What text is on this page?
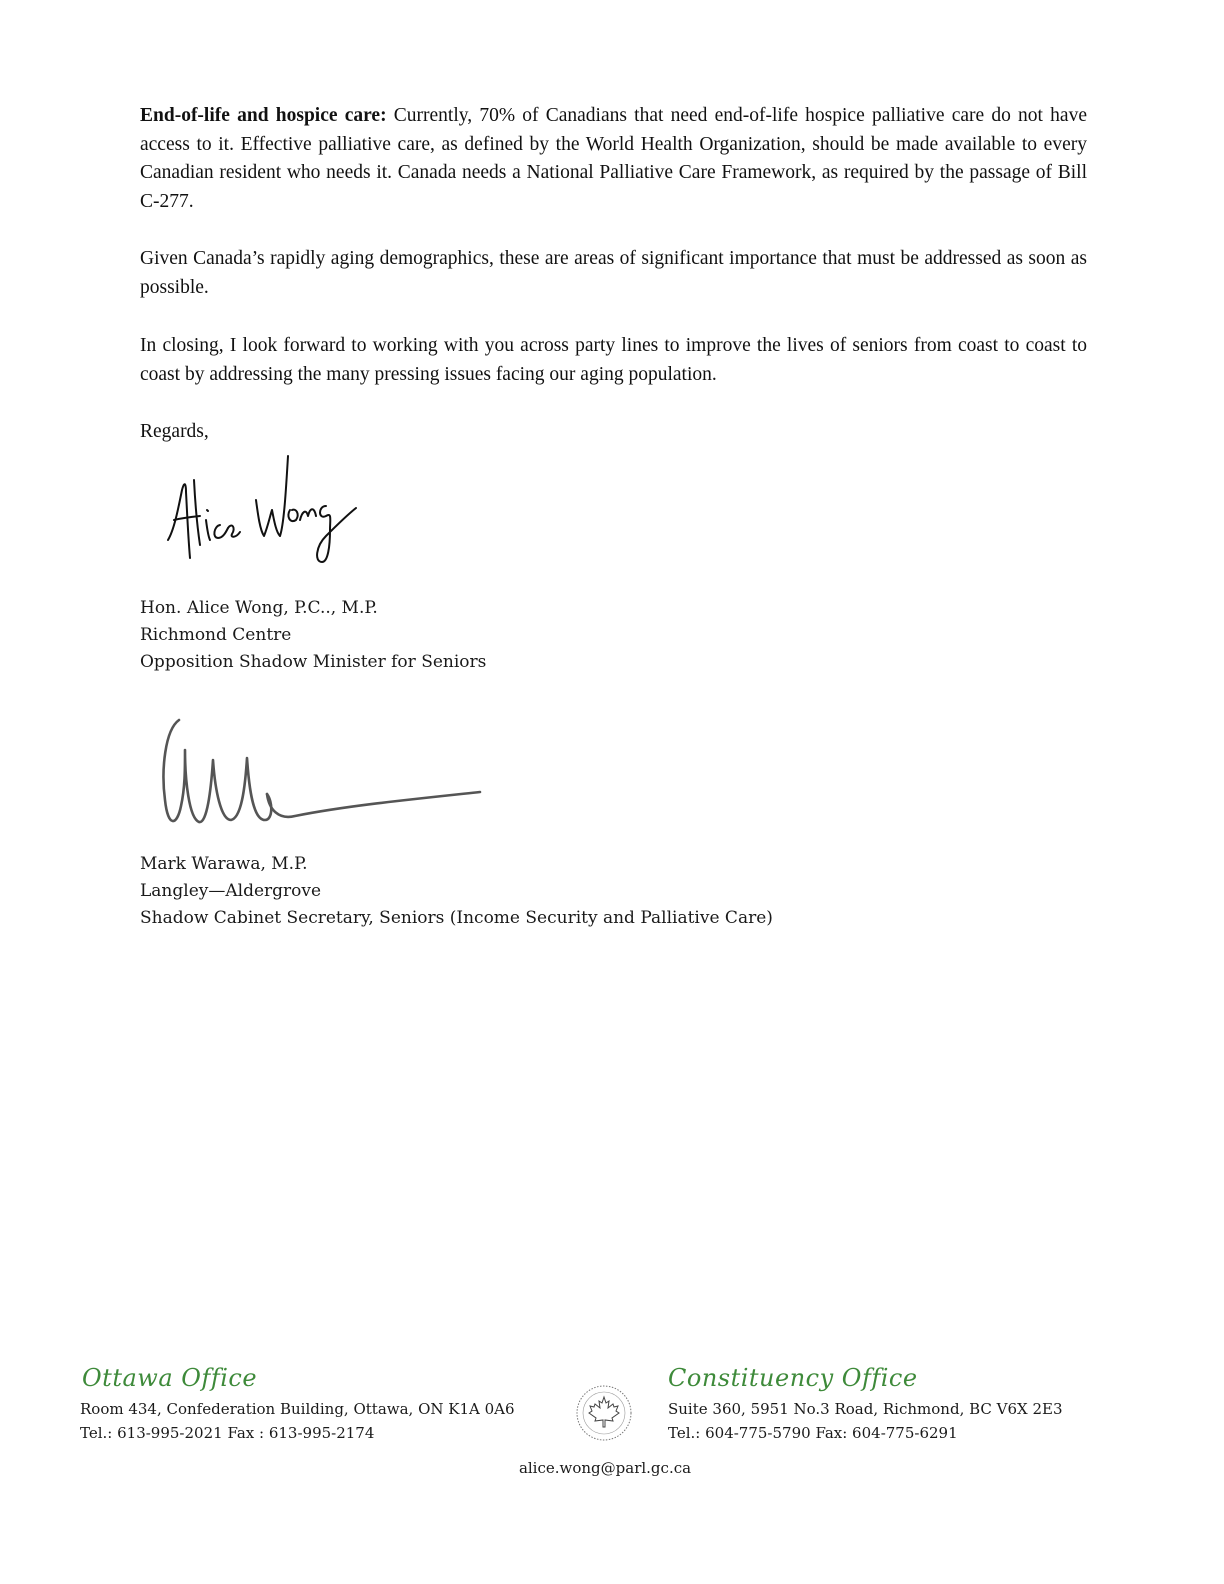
End-of-life and hospice care: Currently, 70% of Canadians that need end-of-life hospice palliative care do not have access to it. Effective palliative care, as defined by the World Health Organization, should be made available to every Canadian resident who needs it. Canada needs a National Palliative Care Framework, as required by the passage of Bill C-277.

Given Canada’s rapidly aging demographics, these are areas of significant importance that must be addressed as soon as possible.

In closing, I look forward to working with you across party lines to improve the lives of seniors from coast to coast to coast by addressing the many pressing issues facing our aging population.

Regards,

Hon. Alice Wong, P.C.., M.P.
Richmond Centre
Opposition Shadow Minister for Seniors
Mark Warawa, M.P.
Langley—Aldergrove
Shadow Cabinet Secretary, Seniors (Income Security and Palliative Care)
Ottawa Office
Room 434, Confederation Building, Ottawa, ON K1A 0A6
Tel.: 613-995-2021 Fax : 613-995-2174
Constituency Office
Suite 360, 5951 No.3 Road, Richmond, BC V6X 2E3
Tel.: 604-775-5790 Fax: 604-775-6291
alice.wong@parl.gc.ca
